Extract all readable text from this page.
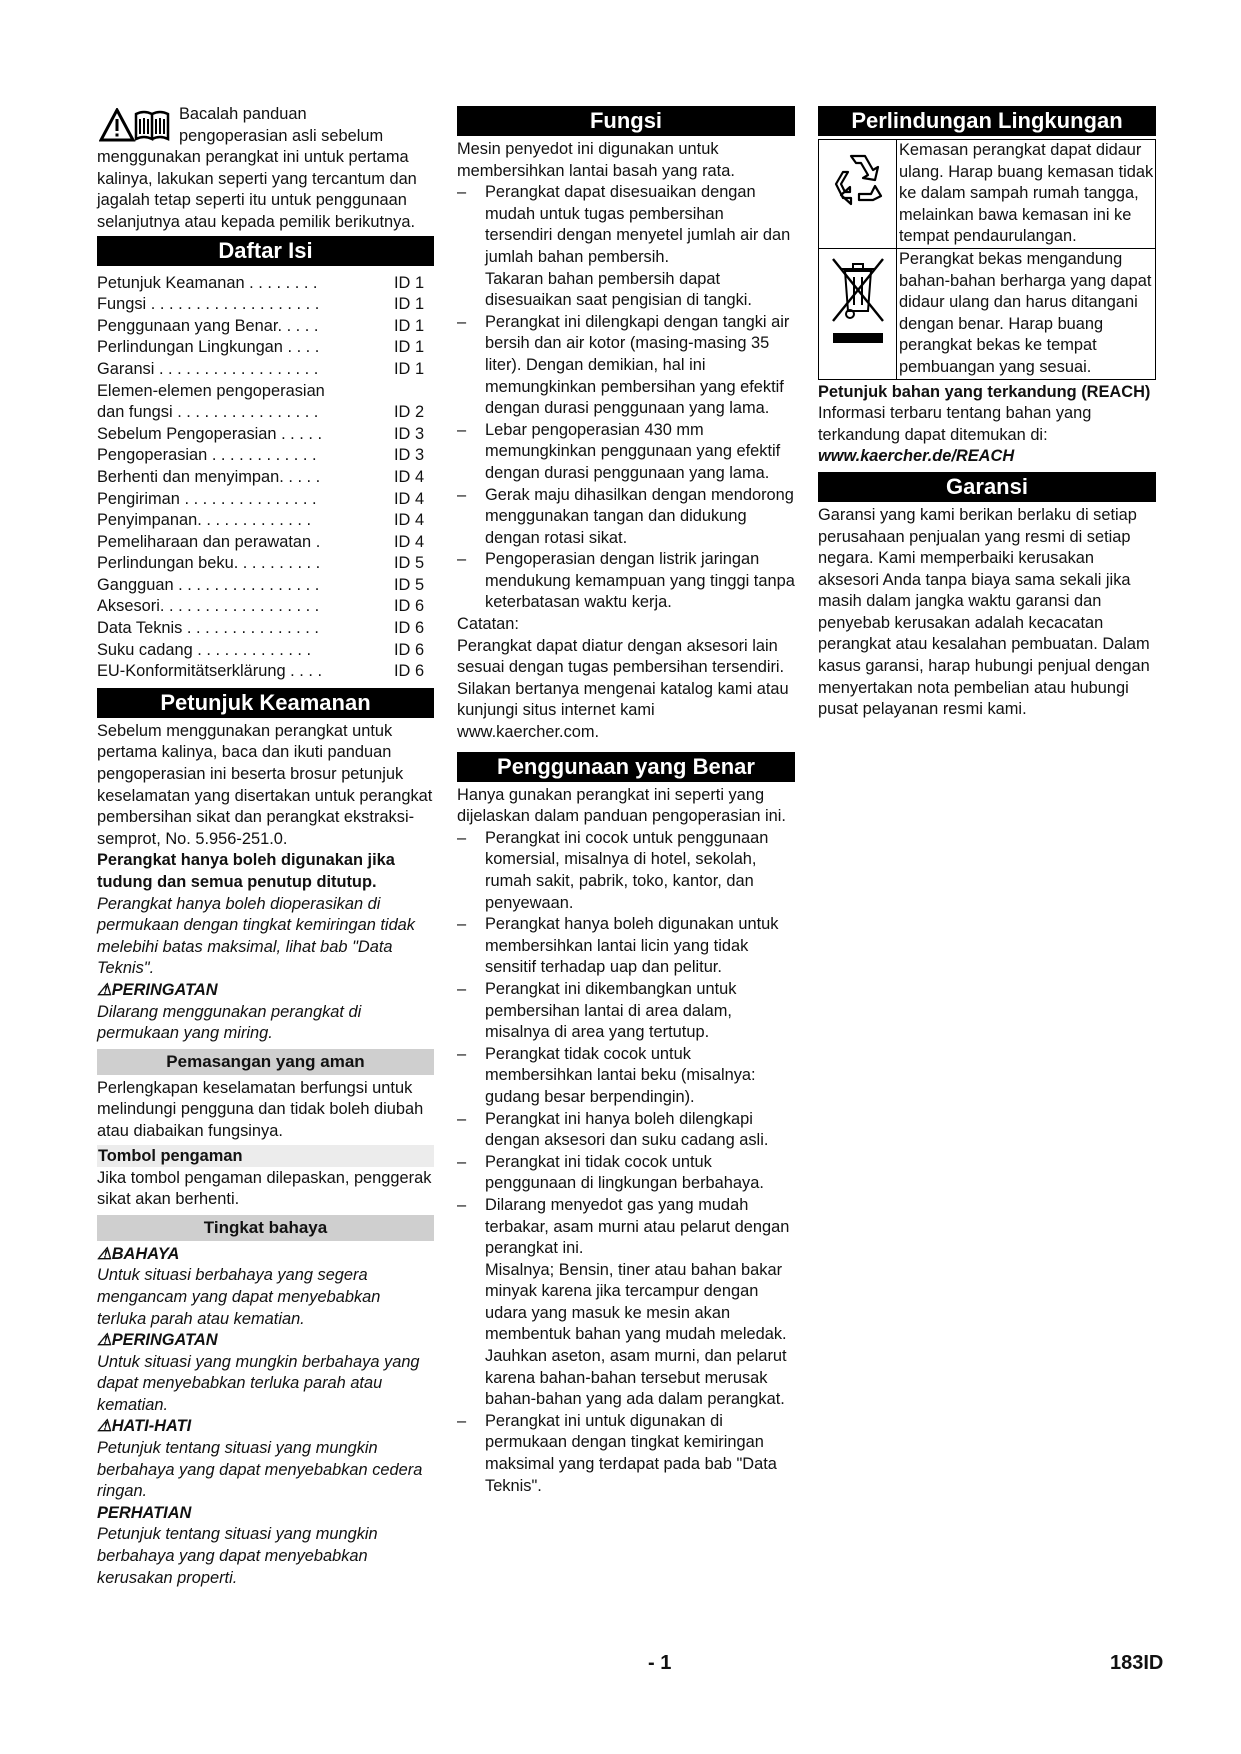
Bacalah panduan

pengoperasian asli sebelum

menggunakan perangkat ini untuk pertama kalinya, lakukan seperti yang tercantum dan jagalah tetap seperti itu untuk penggunaan selanjutnya atau kepada pemilik berikutnya.

Daftar Isi
Petunjuk Keamanan . . . . . . . .	ID 1
Fungsi . . . . . . . . . . . . . . . . . . .	ID 1
Penggunaan yang Benar. . . . .	ID 1
Perlindungan Lingkungan . . . .	ID 1
Garansi . . . . . . . . . . . . . . . . . .	ID 1
Elemen-elemen pengoperasian
dan fungsi . . . . . . . . . . . . . . . .	ID 2
Sebelum Pengoperasian . . . . .	ID 3
Pengoperasian . . . . . . . . . . . .	ID 3
Berhenti dan menyimpan. . . . .	ID 4
Pengiriman . . . . . . . . . . . . . . .	ID 4
Penyimpanan. . . . . . . . . . . . .	ID 4
Pemeliharaan dan perawatan .	ID 4
Perlindungan beku. . . . . . . . . .	ID 5
Gangguan . . . . . . . . . . . . . . . .	ID 5
Aksesori. . . . . . . . . . . . . . . . . .	ID 6
Data Teknis . . . . . . . . . . . . . . .	ID 6
Suku cadang . . . . . . . . . . . . .	ID 6
EU-Konformitätserklärung . . . .	ID 6
Petunjuk Keamanan

Sebelum menggunakan perangkat untuk pertama kalinya, baca dan ikuti panduan pengoperasian ini beserta brosur petunjuk keselamatan yang disertakan untuk perangkat pembersihan sikat dan perangkat ekstraksi-semprot, No. 5.956-251.0.

Perangkat hanya boleh digunakan jika tudung dan semua penutup ditutup.

Perangkat hanya boleh dioperasikan di permukaan dengan tingkat kemiringan tidak melebihi batas maksimal, lihat bab "Data Teknis".

⚠PERINGATAN

Dilarang menggunakan perangkat di permukaan yang miring.

Pemasangan yang aman

Perlengkapan keselamatan berfungsi untuk melindungi pengguna dan tidak boleh diubah atau diabaikan fungsinya.

Tombol pengaman

Jika tombol pengaman dilepaskan, penggerak sikat akan berhenti.

Tingkat bahaya

⚠BAHAYA

Untuk situasi berbahaya yang segera mengancam yang dapat menyebabkan terluka parah atau kematian.

⚠PERINGATAN

Untuk situasi yang mungkin berbahaya yang dapat menyebabkan terluka parah atau kematian.

⚠HATI-HATI

Petunjuk tentang situasi yang mungkin berbahaya yang dapat menyebabkan cedera ringan.

PERHATIAN

Petunjuk tentang situasi yang mungkin berbahaya yang dapat menyebabkan kerusakan properti.

Fungsi

Mesin penyedot ini digunakan untuk membersihkan lantai basah yang rata.

– Perangkat dapat disesuaikan dengan mudah untuk tugas pembersihan tersendiri dengan menyetel jumlah air dan jumlah bahan pembersih.
Takaran bahan pembersih dapat disesuaikan saat pengisian di tangki.
– Perangkat ini dilengkapi dengan tangki air bersih dan air kotor (masing-masing 35 liter). Dengan demikian, hal ini memungkinkan pembersihan yang efektif dengan durasi penggunaan yang lama.
– Lebar pengoperasian 430 mm memungkinkan penggunaan yang efektif dengan durasi penggunaan yang lama.
– Gerak maju dihasilkan dengan mendorong menggunakan tangan dan didukung dengan rotasi sikat.
– Pengoperasian dengan listrik jaringan mendukung kemampuan yang tinggi tanpa keterbatasan waktu kerja.

Catatan:

Perangkat dapat diatur dengan aksesori lain sesuai dengan tugas pembersihan tersendiri.

Silakan bertanya mengenai katalog kami atau kunjungi situs internet kami www.kaercher.com.

Penggunaan yang Benar

Hanya gunakan perangkat ini seperti yang dijelaskan dalam panduan pengoperasian ini.

– Perangkat ini cocok untuk penggunaan komersial, misalnya di hotel, sekolah, rumah sakit, pabrik, toko, kantor, dan penyewaan.
– Perangkat hanya boleh digunakan untuk membersihkan lantai licin yang tidak sensitif terhadap uap dan pelitur.
– Perangkat ini dikembangkan untuk pembersihan lantai di area dalam, misalnya di area yang tertutup.
– Perangkat tidak cocok untuk membersihkan lantai beku (misalnya: gudang besar berpendingin).
– Perangkat ini hanya boleh dilengkapi dengan aksesori dan suku cadang asli.
– Perangkat ini tidak cocok untuk penggunaan di lingkungan berbahaya.
– Dilarang menyedot gas yang mudah terbakar, asam murni atau pelarut dengan perangkat ini.
Misalnya; Bensin, tiner atau bahan bakar minyak karena jika tercampur dengan udara yang masuk ke mesin akan membentuk bahan yang mudah meledak. Jauhkan aseton, asam murni, dan pelarut karena bahan-bahan tersebut merusak bahan-bahan yang ada dalam perangkat.
– Perangkat ini untuk digunakan di permukaan dengan tingkat kemiringan maksimal yang terdapat pada bab "Data Teknis".
Perlindungan Lingkungan
Kemasan perangkat dapat didaur ulang. Harap buang kemasan tidak ke dalam sampah rumah tangga, melainkan bawa kemasan ini ke tempat pendaurulangan.
Perangkat bekas mengandung bahan-bahan berharga yang dapat didaur ulang dan harus ditangani dengan benar. Harap buang perangkat bekas ke tempat pembuangan yang sesuai.

Petunjuk bahan yang terkandung (REACH)

Informasi terbaru tentang bahan yang terkandung dapat ditemukan di:

www.kaercher.de/REACH

Garansi

Garansi yang kami berikan berlaku di setiap perusahaan penjualan yang resmi di setiap negara. Kami memperbaiki kerusakan aksesori Anda tanpa biaya sama sekali jika masih dalam jangka waktu garansi dan penyebab kerusakan adalah kecacatan perangkat atau kesalahan pembuatan. Dalam kasus garansi, harap hubungi penjual dengan menyertakan nota pembelian atau hubungi pusat pelayanan resmi kami.

- 1	183ID
